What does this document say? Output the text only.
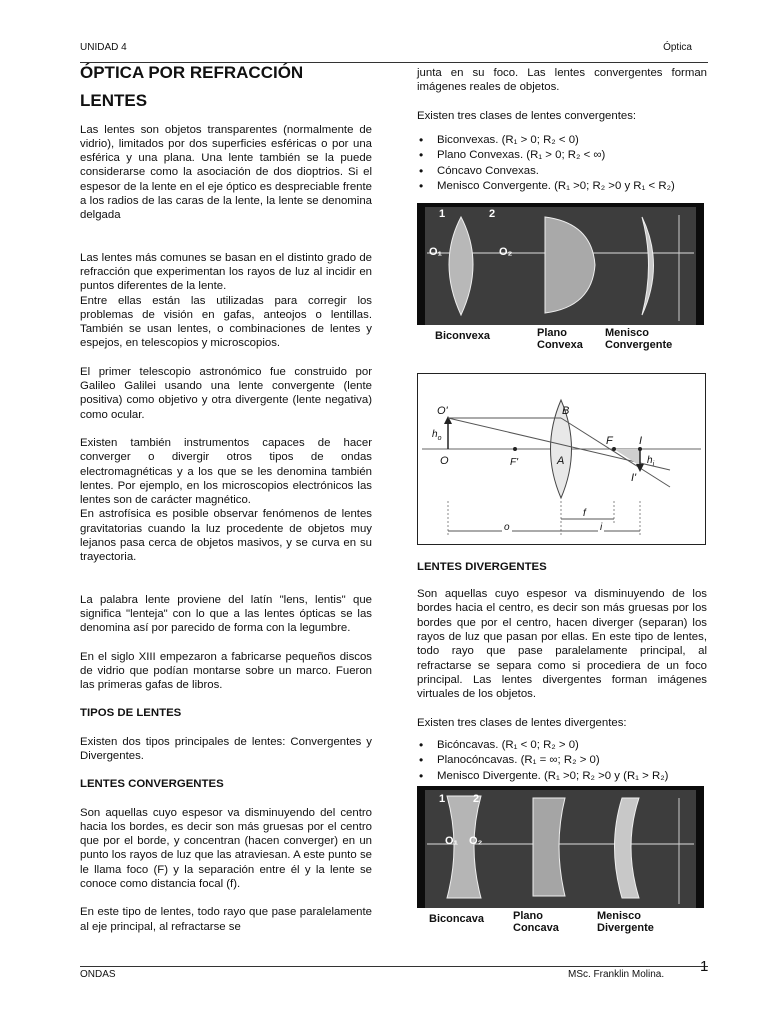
UNIDAD 4	Óptica

ÓPTICA POR REFRACCIÓN

LENTES

Las lentes son objetos transparentes (normalmente de vidrio), limitados por dos superficies esféricas o por una esférica y una plana. Una lente también se la puede considerarse como la asociación de dos dioptrios. Si el espesor de la lente en el eje óptico es despreciable frente a los radios de las caras de la lente, la lente se denomina delgada

Las lentes más comunes se basan en el distinto grado de refracción que experimentan los rayos de luz al incidir en puntos diferentes de la lente.

Entre ellas están las utilizadas para corregir los problemas de visión en gafas, anteojos o lentillas. También se usan lentes, o combinaciones de lentes y espejos, en telescopios y microscopios.

El primer telescopio astronómico fue construido por Galileo Galilei usando una lente convergente (lente positiva) como objetivo y otra divergente (lente negativa) como ocular.

Existen también instrumentos capaces de hacer converger o divergir otros tipos de ondas electromagnéticas y a los que se les denomina también lentes. Por ejemplo, en los microscopios electrónicos las lentes son de carácter magnético.

En astrofísica es posible observar fenómenos de lentes gravitatorias cuando la luz procedente de objetos muy lejanos pasa cerca de objetos masivos, y se curva en su trayectoria.

La palabra lente proviene del latín "lens, lentis" que significa "lenteja" con lo que a las lentes ópticas se las denomina así por parecido de forma con la legumbre.

En el siglo XIII empezaron a fabricarse pequeños discos de vidrio que podían montarse sobre un marco. Fueron las primeras gafas de libros.

TIPOS DE LENTES

Existen dos tipos principales de lentes: Convergentes y Divergentes.

LENTES CONVERGENTES

Son aquellas cuyo espesor va disminuyendo del centro hacia los bordes, es decir son más gruesas por el centro que por el borde, y concentran (hacen converger) en un punto los rayos de luz que las atraviesan. A este punto se le llama foco (F) y la separación entre él y la lente se conoce como distancia focal (f).

En este tipo de lentes, todo rayo que pase paralelamente al eje principal, al refractarse se

junta en su foco. Las lentes convergentes forman imágenes reales de objetos.

Existen tres clases de lentes convergentes:

• Biconvexas. (R₁ > 0; R₂ < 0)
• Plano Convexas. (R₁ > 0; R₂ < ∞)
• Cóncavo Convexas.
• Menisco Convergente. (R₁ >0; R₂ >0 y R₁ < R₂)
1	2
O₁	O₂
Biconvexa	Plano
Convexa
Menisco
Convergente
O'	B
$h_o$
O	F'	A
F I
I'
$h_i$
f
o	i

LENTES DIVERGENTES

Son aquellas cuyo espesor va disminuyendo de los bordes hacia el centro, es decir son más gruesas por los bordes que por el centro, hacen diverger (separan) los rayos de luz que pasan por ellas. En este tipo de lentes, todo rayo que pase paralelamente principal, al refractarse se separa como si procediera de un foco principal. Las lentes divergentes forman imágenes virtuales de los objetos.

Existen tres clases de lentes divergentes:

• Bicóncavas. (R₁ < 0; R₂ > 0)
• Planocóncavas. (R₁ = ∞; R₂ > 0)
• Menisco Divergente. (R₁ >0; R₂ >0 y (R₁ > R₂)
1	2
O₁ O₂
Biconcava	Plano
Concava
Menisco
Divergente
ONDAS	MSc. Franklin Molina. 1
